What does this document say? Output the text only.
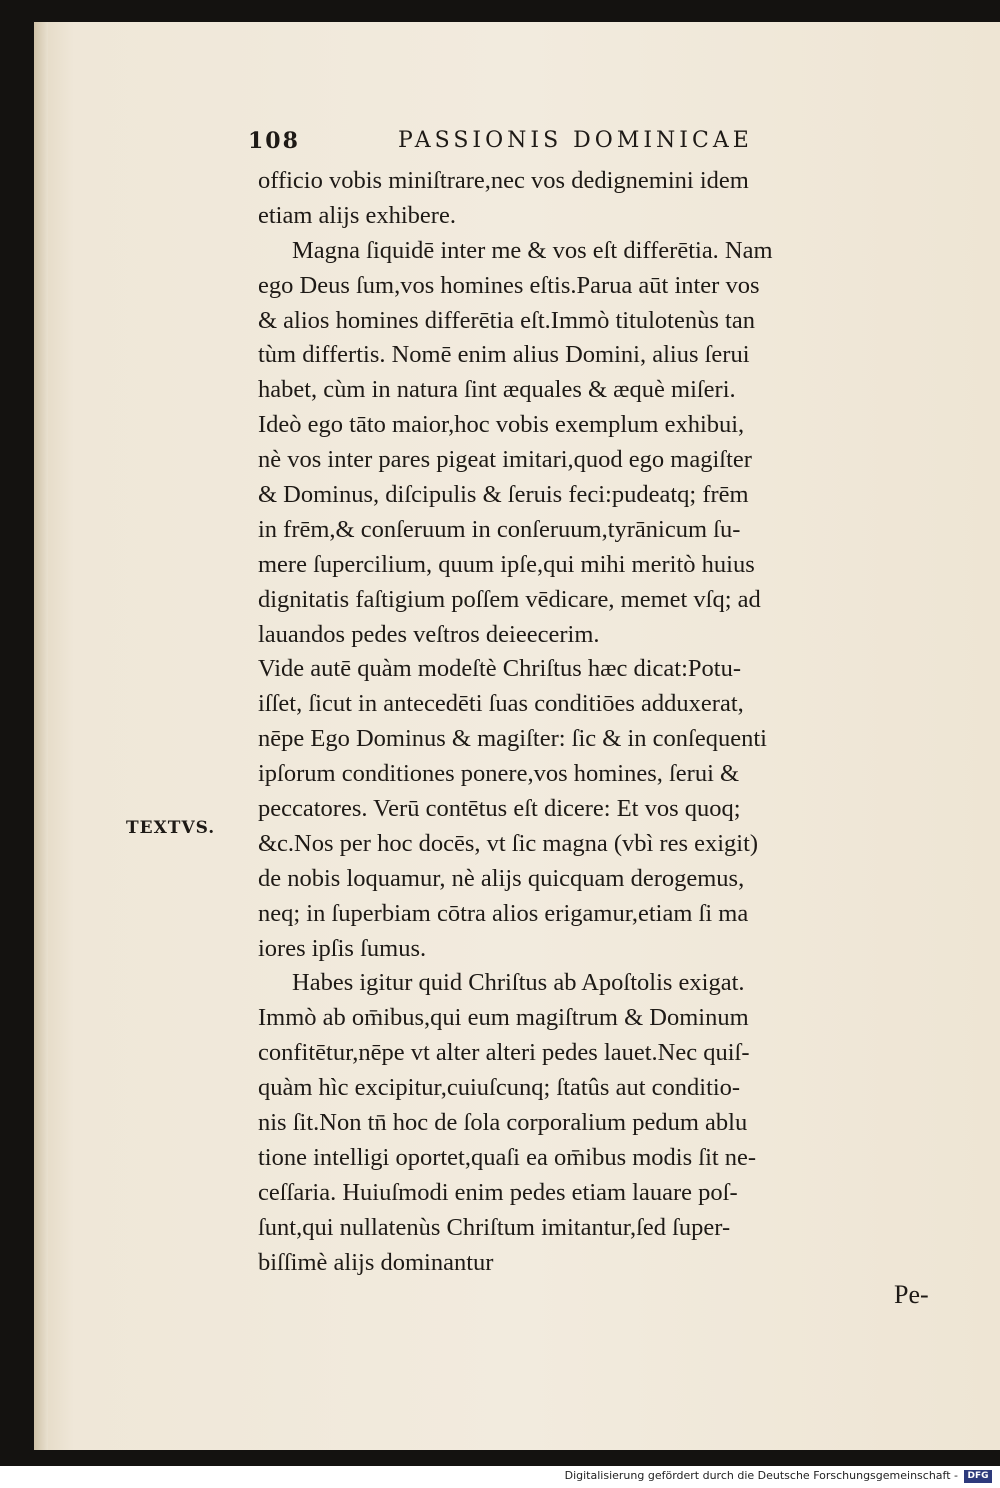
108	PASSIONIS DOMINICAE
TEXTVS.
officio vobis miniſtrare,nec vos dedignemini idem
etiam alijs exhibere.
Magna ſiquidē inter me & vos eſt differētia. Nam
ego Deus ſum,vos homines eſtis.Parua aūt inter vos
& alios homines differētia eſt.Immò titulotenùs tan
tùm differtis. Nomē enim alius Domini, alius ſerui
habet, cùm in natura ſint æquales & æquè miſeri.
Ideò ego tāto maior,hoc vobis exemplum exhibui,
nè vos inter pares pigeat imitari,quod ego magiſter
& Dominus, diſcipulis & ſeruis feci:pudeatq; frēm
in frēm,& conſeruum in conſeruum,tyrānicum ſu-
mere ſupercilium, quum ipſe,qui mihi meritò huius
dignitatis faſtigium poſſem vēdicare, memet vſq; ad
lauandos pedes veſtros deieecerim.
Vide autē quàm modeſtè Chriſtus hæc dicat:Potu-
iſſet, ſicut in antecedēti ſuas conditiōes adduxerat,
nēpe Ego Dominus & magiſter: ſic & in conſequenti
ipſorum conditiones ponere,vos homines, ſerui &
peccatores. Verū contētus eſt dicere: Et vos quoq;
&c.Nos per hoc docēs, vt ſic magna (vbì res exigit)
de nobis loquamur, nè alijs quicquam derogemus,
neq; in ſuperbiam cōtra alios erigamur,etiam ſi ma
iores ipſis ſumus.
Habes igitur quid Chriſtus ab Apoſtolis exigat.
Immò ab om̄ibus,qui eum magiſtrum & Dominum
confitētur,nēpe vt alter alteri pedes lauet.Nec quiſ-
quàm hìc excipitur,cuiuſcunq; ſtatûs aut conditio-
nis ſit.Non tn̄ hoc de ſola corporalium pedum ablu
tione intelligi oportet,quaſi ea om̄ibus modis ſit ne-
ceſſaria. Huiuſmodi enim pedes etiam lauare poſ-
ſunt,qui nullatenùs Chriſtum imitantur,ſed ſuper-
biſſimè alijs dominantur
Pe-
Digitalisierung gefördert durch die Deutsche Forschungsgemeinschaft -	DFG
